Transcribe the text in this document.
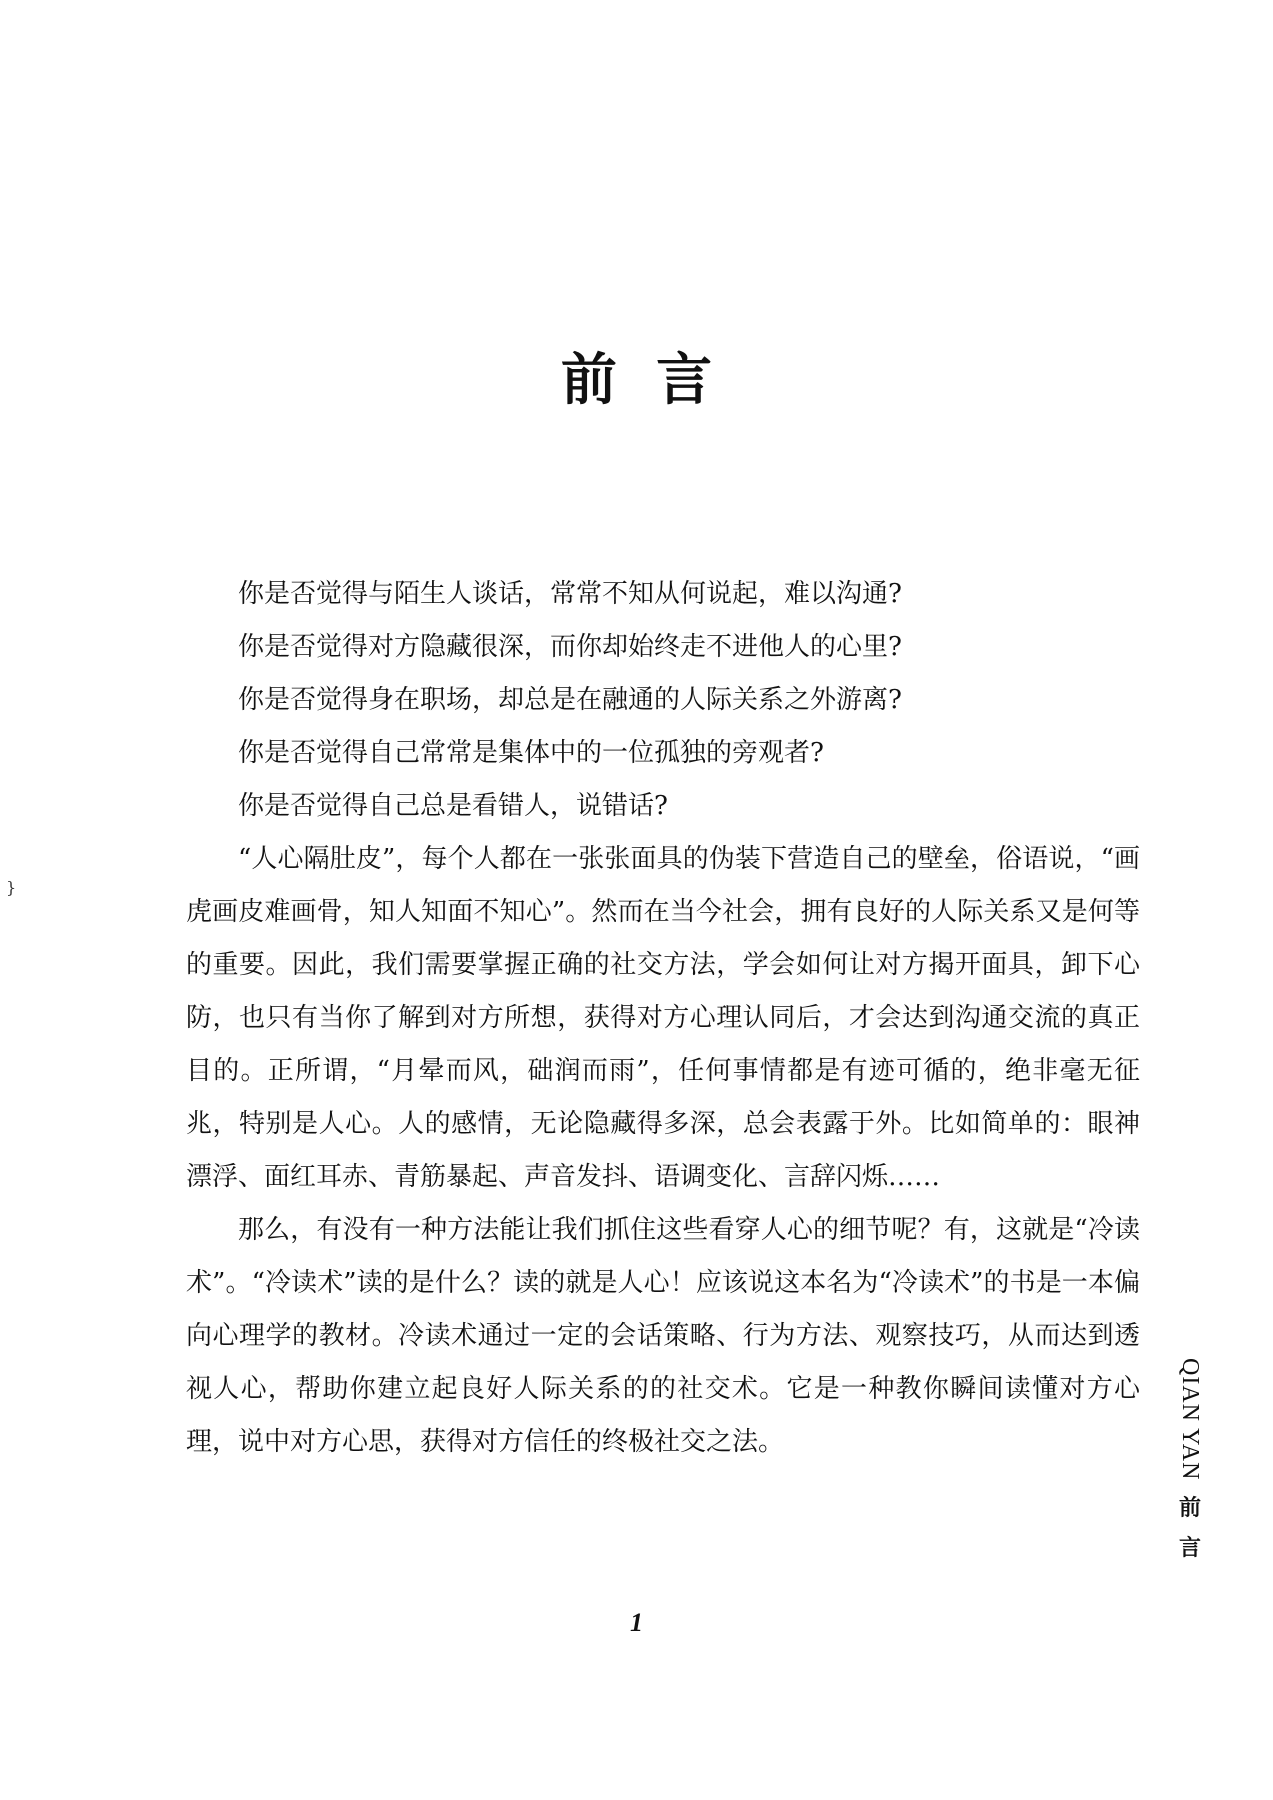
前言

你是否觉得与陌生人谈话，常常不知从何说起，难以沟通?

你是否觉得对方隐藏很深，而你却始终走不进他人的心里?

你是否觉得身在职场，却总是在融通的人际关系之外游离?

你是否觉得自己常常是集体中的一位孤独的旁观者?

你是否觉得自己总是看错人，说错话?

“人心隔肚皮”，每个人都在一张张面具的伪装下营造自己的壁垒，俗语说，“画虎画皮难画骨，知人知面不知心”。然而在当今社会，拥有良好的人际关系又是何等的重要。因此，我们需要掌握正确的社交方法，学会如何让对方揭开面具，卸下心防，也只有当你了解到对方所想，获得对方心理认同后，才会达到沟通交流的真正目的。正所谓，“月晕而风，础润而雨”，任何事情都是有迹可循的，绝非毫无征兆，特别是人心。人的感情，无论隐藏得多深，总会表露于外。比如简单的：眼神漂浮、面红耳赤、青筋暴起、声音发抖、语调变化、言辞闪烁……

那么，有没有一种方法能让我们抓住这些看穿人心的细节呢？有，这就是“冷读术”。“冷读术”读的是什么？读的就是人心！应该说这本名为“冷读术”的书是一本偏向心理学的教材。冷读术通过一定的会话策略、行为方法、观察技巧，从而达到透视人心，帮助你建立起良好人际关系的的社交术。它是一种教你瞬间读懂对方心理，说中对方心思，获得对方信任的终极社交之法。

}
QIAN YAN
前
言
1
